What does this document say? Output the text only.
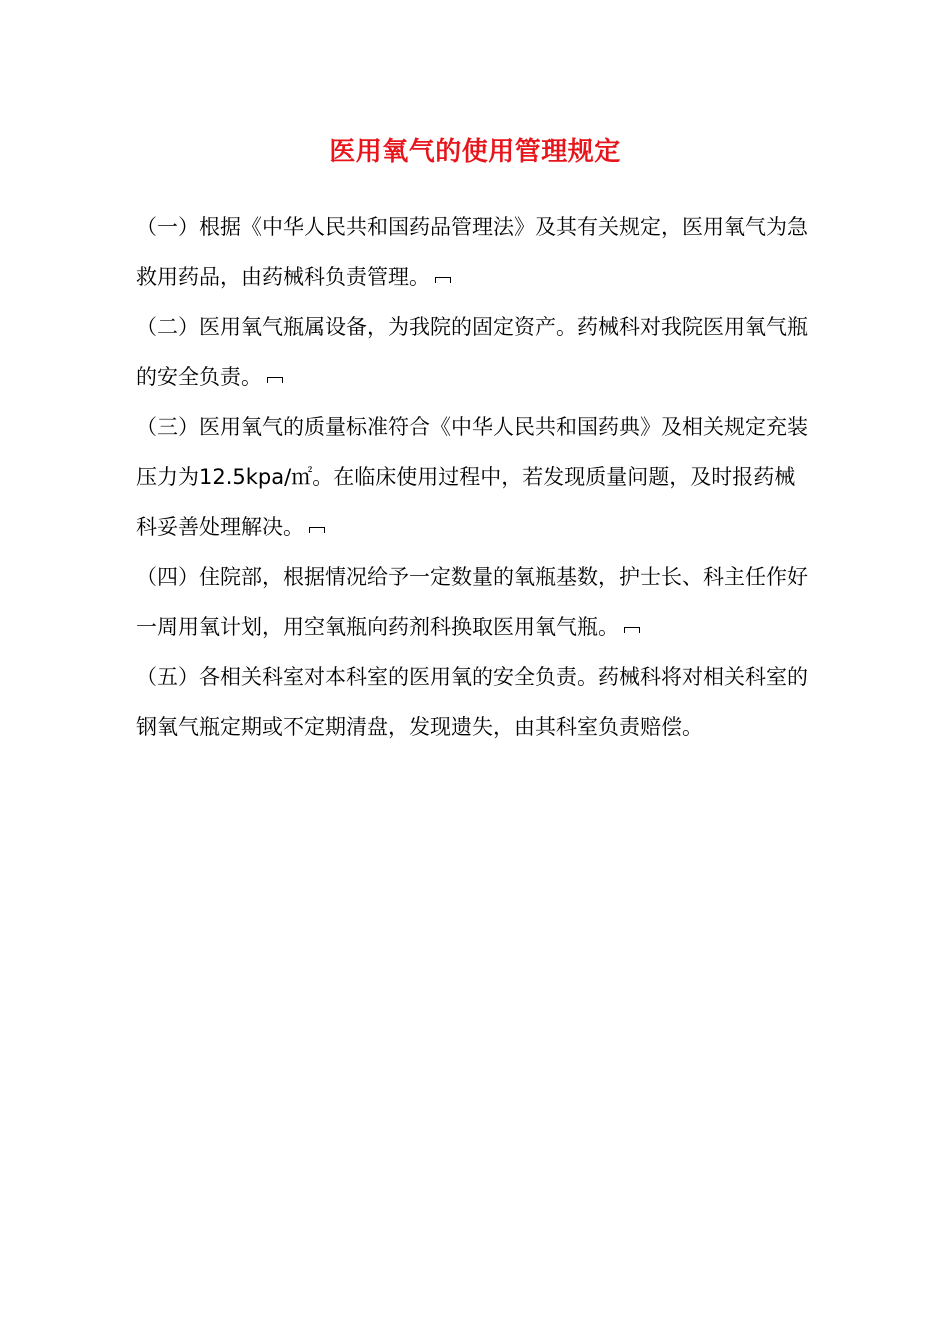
医用氧气的使用管理规定

（一）根据《中华人民共和国药品管理法》及其有关规定，医用氧气为急救用药品，由药械科负责管理。

（二）医用氧气瓶属设备，为我院的固定资产。药械科对我院医用氧气瓶的安全负责。

（三）医用氧气的质量标准符合《中华人民共和国药典》及相关规定充装压力为12.5kpa/㎡。在临床使用过程中，若发现质量问题，及时报药械科妥善处理解决。

（四）住院部，根据情况给予一定数量的氧瓶基数，护士长、科主任作好一周用氧计划，用空氧瓶向药剂科换取医用氧气瓶。

（五）各相关科室对本科室的医用氧的安全负责。药械科将对相关科室的钢氧气瓶定期或不定期清盘，发现遗失，由其科室负责赔偿。
